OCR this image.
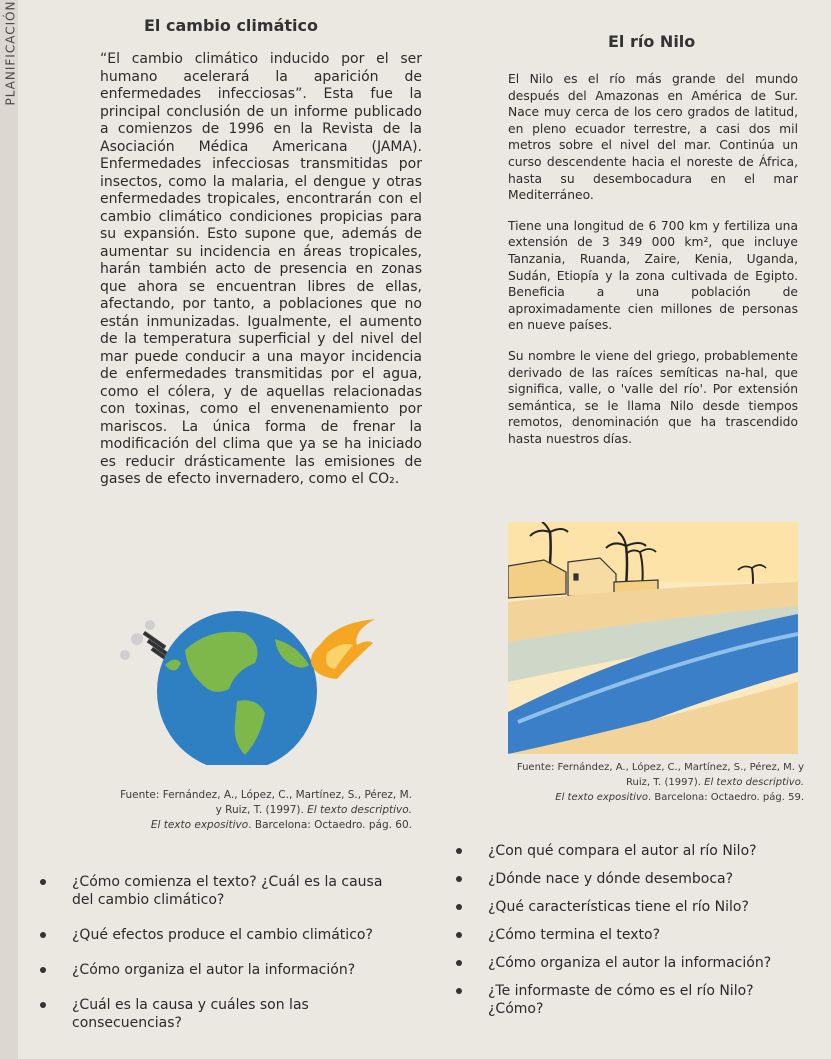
PLANIFICACIÓN	El cambio climático

“El cambio climático inducido por el ser humano acelerará la aparición de enfermedades infecciosas”. Esta fue la principal conclusión de un informe publicado a comienzos de 1996 en la Revista de la Asociación Médica Americana (JAMA). Enfermedades infecciosas transmitidas por insectos, como la malaria, el dengue y otras enfermedades tropicales, encontrarán con el cambio climático condiciones propicias para su expansión. Esto supone que, además de aumentar su incidencia en áreas tropicales, harán también acto de presencia en zonas que ahora se encuentran libres de ellas, afectando, por tanto, a poblaciones que no están inmunizadas. Igualmente, el aumento de la temperatura superficial y del nivel del mar puede conducir a una mayor incidencia de enfermedades transmitidas por el agua, como el cólera, y de aquellas relacionadas con toxinas, como el envenenamiento por mariscos. La única forma de frenar la modificación del clima que ya se ha iniciado es reducir drásticamente las emisiones de gases de efecto invernadero, como el CO₂.

Fuente: Fernández, A., López, C., Martínez, S., Pérez, M. y Ruiz, T. (1997). El texto descriptivo.
El texto expositivo. Barcelona: Octaedro. pág. 60.
El río Nilo

El Nilo es el río más grande del mundo después del Amazonas en América de Sur. Nace muy cerca de los cero grados de latitud, en pleno ecuador terrestre, a casi dos mil metros sobre el nivel del mar. Continúa un curso descendente hacia el noreste de África, hasta su desembocadura en el mar Mediterráneo.

Tiene una longitud de 6 700 km y fertiliza una extensión de 3 349 000 km², que incluye Tanzania, Ruanda, Zaire, Kenia, Uganda, Sudán, Etiopía y la zona cultivada de Egipto. Beneficia a una población de aproximadamente cien millones de personas en nueve países.

Su nombre le viene del griego, probablemente derivado de las raíces semíticas na-hal, que significa, valle, o 'valle del río'. Por extensión semántica, se le llama Nilo desde tiempos remotos, denominación que ha trascendido hasta nuestros días.

Fuente: Fernández, A., López, C., Martínez, S., Pérez, M. y Ruiz, T. (1997). El texto descriptivo.
El texto expositivo. Barcelona: Octaedro. pág. 59.
¿Cómo comienza el texto? ¿Cuál es la causa del cambio climático?
¿Qué efectos produce el cambio climático?
¿Cómo organiza el autor la información?
¿Cuál es la causa y cuáles son las consecuencias?
¿Con qué compara el autor al río Nilo?
¿Dónde nace y dónde desemboca?
¿Qué características tiene el río Nilo?
¿Cómo termina el texto?
¿Cómo organiza el autor la información?
¿Te informaste de cómo es el río Nilo? ¿Cómo?
